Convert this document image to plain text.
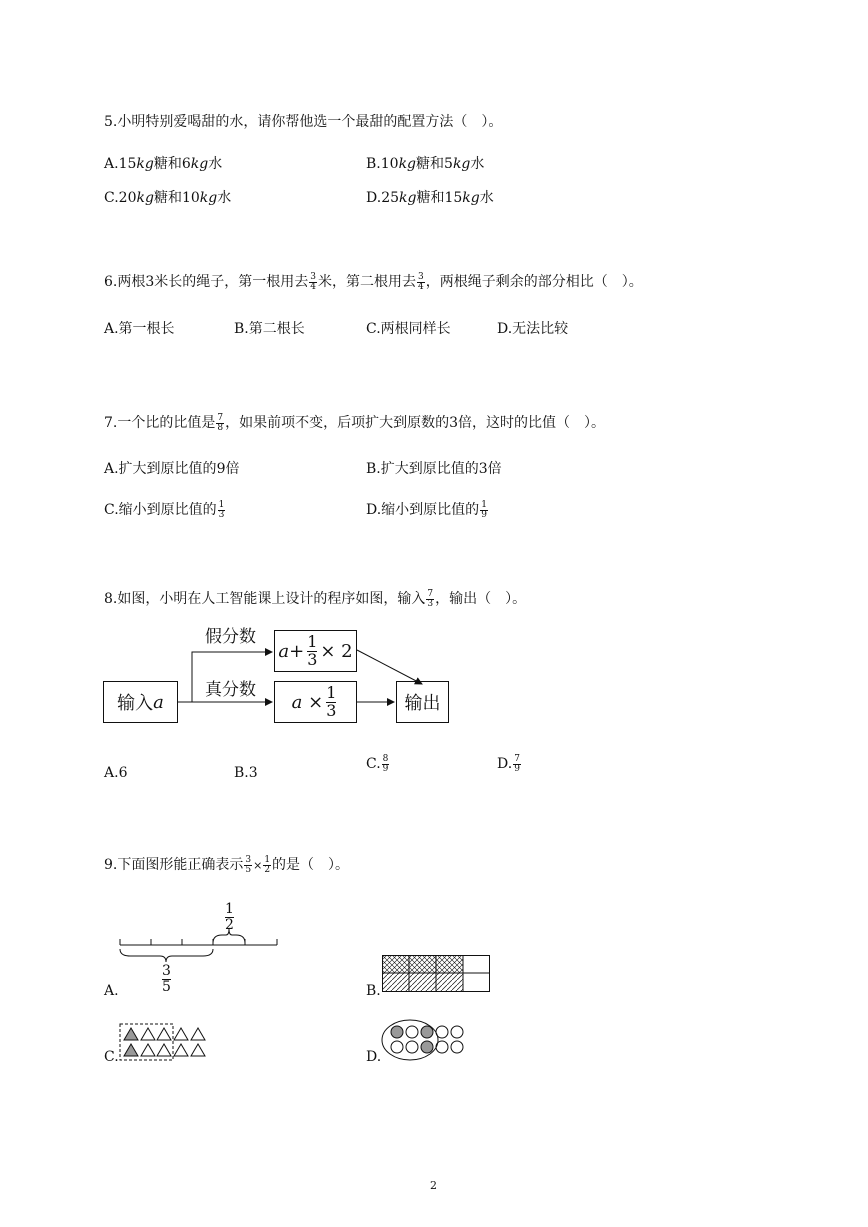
5.小明特别爱喝甜的水，请你帮他选一个最甜的配置方法（　）。
A.15kg糖和6kg水	B.10kg糖和5kg水
C.20kg糖和10kg水	D.25kg糖和15kg水
6.两根3米长的绳子，第一根用去 $\frac{3}{4}$ 米，第二根用去 $\frac{3}{4}$ ，两根绳子剩余的部分相比（　）。
A.第一根长	B.第二根长	C.两根同样长	D.无法比较
7.一个比的比值是 $\frac{7}{8}$ ，如果前项不变，后项扩大到原数的3倍，这时的比值（　）。
A.扩大到原比值的9倍	B.扩大到原比值的3倍
C.缩小到原比值的 $\frac{1}{3}$	D.缩小到原比值的 $\frac{1}{9}$
8.如图，小明在人工智能课上设计的程序如图，输入 $\frac{7}{3}$ ，输出（　）。
输入 a
假分数
真分数
$a + \frac{1}{3} \times 2$
a
× $\frac{1}{3}$	输出
A.6	B.3
C. $\frac{8}{9}$	D. $\frac{7}{9}$
9.下面图形能正确表示 $\frac{3}{5} \times \frac{1}{2}$ 的是（　）。
$\frac{1}{2}$
$\frac{3}{5}$
A.	B.
C.	D.
2
